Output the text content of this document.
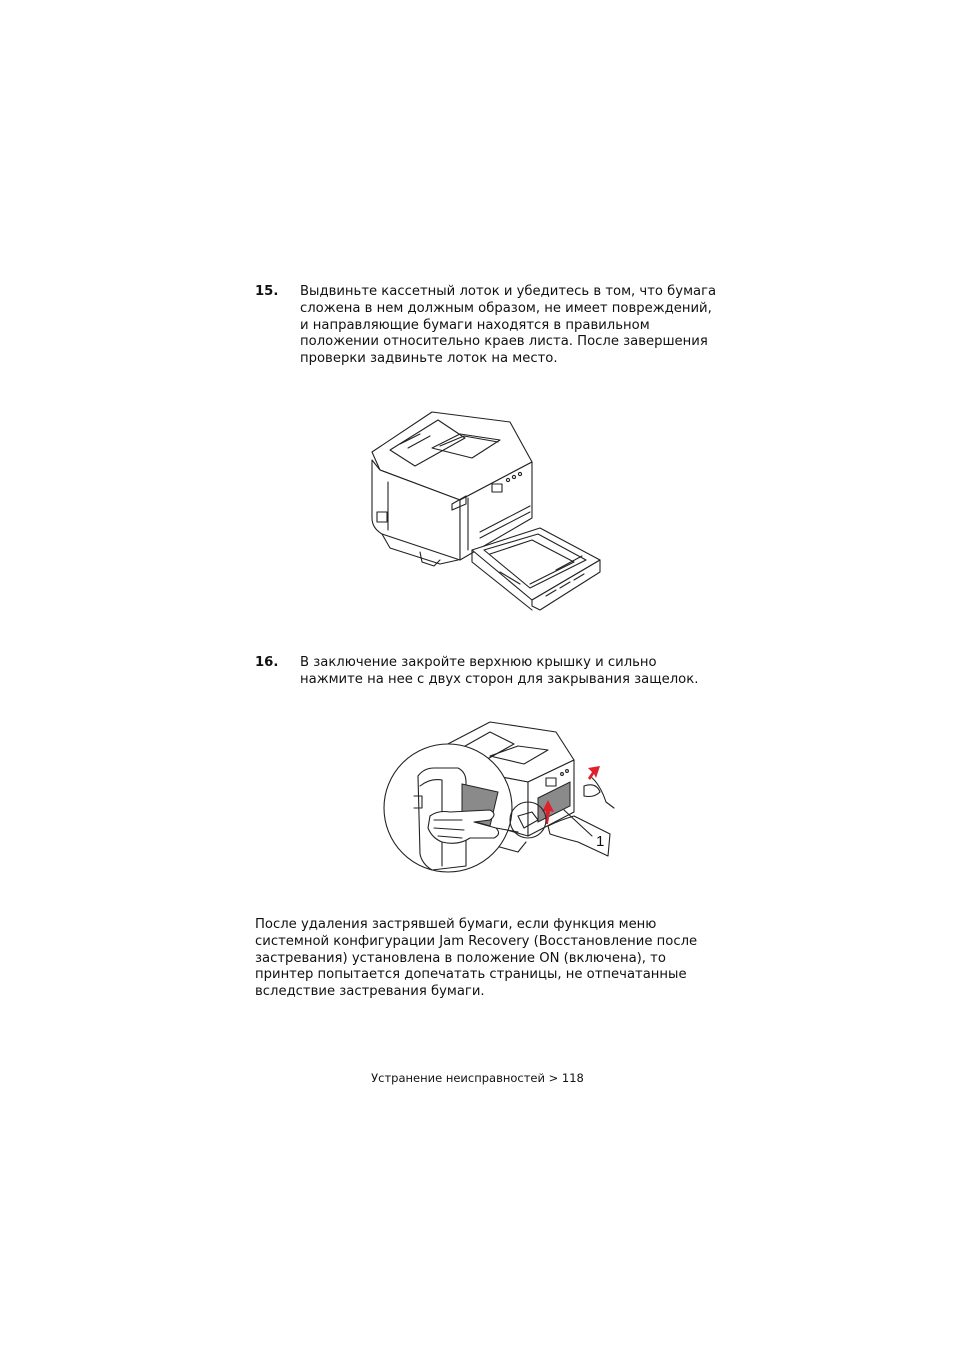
15. Выдвиньте кассетный лоток и убедитесь в том, что бумага
сложена в нем должным образом, не имеет повреждений,
и направляющие бумаги находятся в правильном
положении относительно краев листа. После завершения
проверки задвиньте лоток на место.
16. В заключение закройте верхнюю крышку и сильно
нажмите на нее с двух сторон для закрывания защелок.
1
После удаления застрявшей бумаги, если функция меню
системной конфигурации Jam Recovery (Восстановление после
застревания) установлена в положение ON (включена), то
принтер попытается допечатать страницы, не отпечатанные
вследствие застревания бумаги.
Устранение неисправностей > 118
